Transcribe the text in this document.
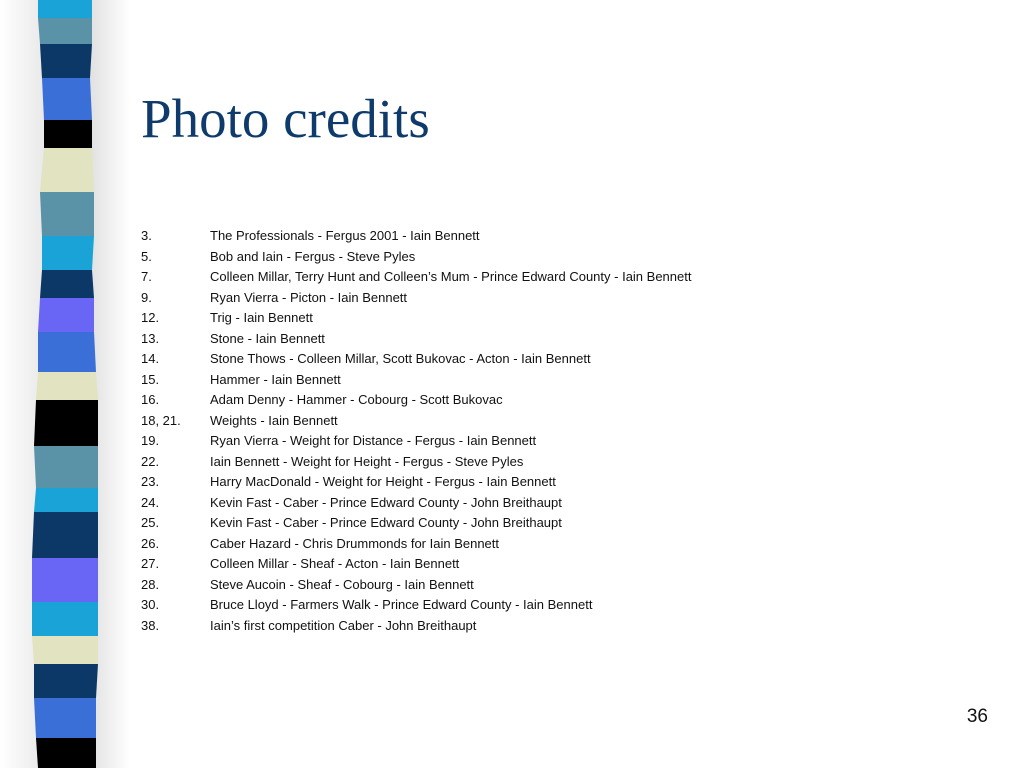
Photo credits
3.	The Professionals - Fergus 2001 - Iain Bennett
5.	Bob and Iain - Fergus - Steve Pyles
7.	Colleen Millar, Terry Hunt and Colleen’s Mum - Prince Edward County - Iain Bennett
9.	Ryan Vierra - Picton - Iain Bennett
12.	Trig - Iain Bennett
13.	Stone - Iain Bennett
14.	Stone Thows - Colleen Millar, Scott Bukovac - Acton - Iain Bennett
15.	Hammer - Iain Bennett
16.	Adam Denny - Hammer - Cobourg - Scott Bukovac
18, 21. Weights - Iain Bennett
19.	Ryan Vierra - Weight for Distance - Fergus - Iain Bennett
22.	Iain Bennett - Weight for Height - Fergus - Steve Pyles
23.	Harry MacDonald - Weight for Height - Fergus - Iain Bennett
24.	Kevin Fast - Caber - Prince Edward County - John Breithaupt
25.	Kevin Fast - Caber - Prince Edward County - John Breithaupt
26.	Caber Hazard - Chris Drummonds for Iain Bennett
27.	Colleen Millar - Sheaf - Acton - Iain Bennett
28.	Steve Aucoin - Sheaf - Cobourg - Iain Bennett
30.	Bruce Lloyd - Farmers Walk - Prince Edward County - Iain Bennett
38.	Iain’s first competition Caber - John Breithaupt
36
